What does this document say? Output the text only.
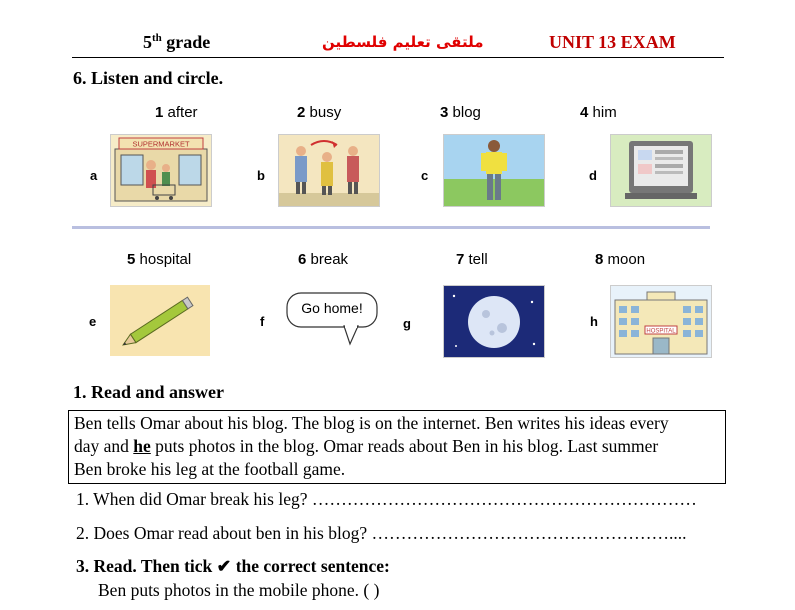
5th grade	ملتقى تعليم فلسطين	UNIT 13 EXAM
6. Listen and circle.
1 after	2 busy	3 blog	4 him
a	b	c	d
SUPERMARKET
5 hospital	6 break	7 tell	8 moon
e	f	g	h
Go home!
HOSPITAL
1. Read and answer
Ben tells Omar about his blog. The blog is on the internet. Ben writes his ideas every
day and he puts photos in the blog. Omar reads about Ben in his blog. Last summer
Ben broke his leg at the football game.
1. When did Omar break his leg? …………………………………………………………
2. Does Omar read about ben in his blog? ……………………………………………....
3. Read. Then tick ✔ the correct sentence:
Ben puts photos in the mobile phone. ( )
